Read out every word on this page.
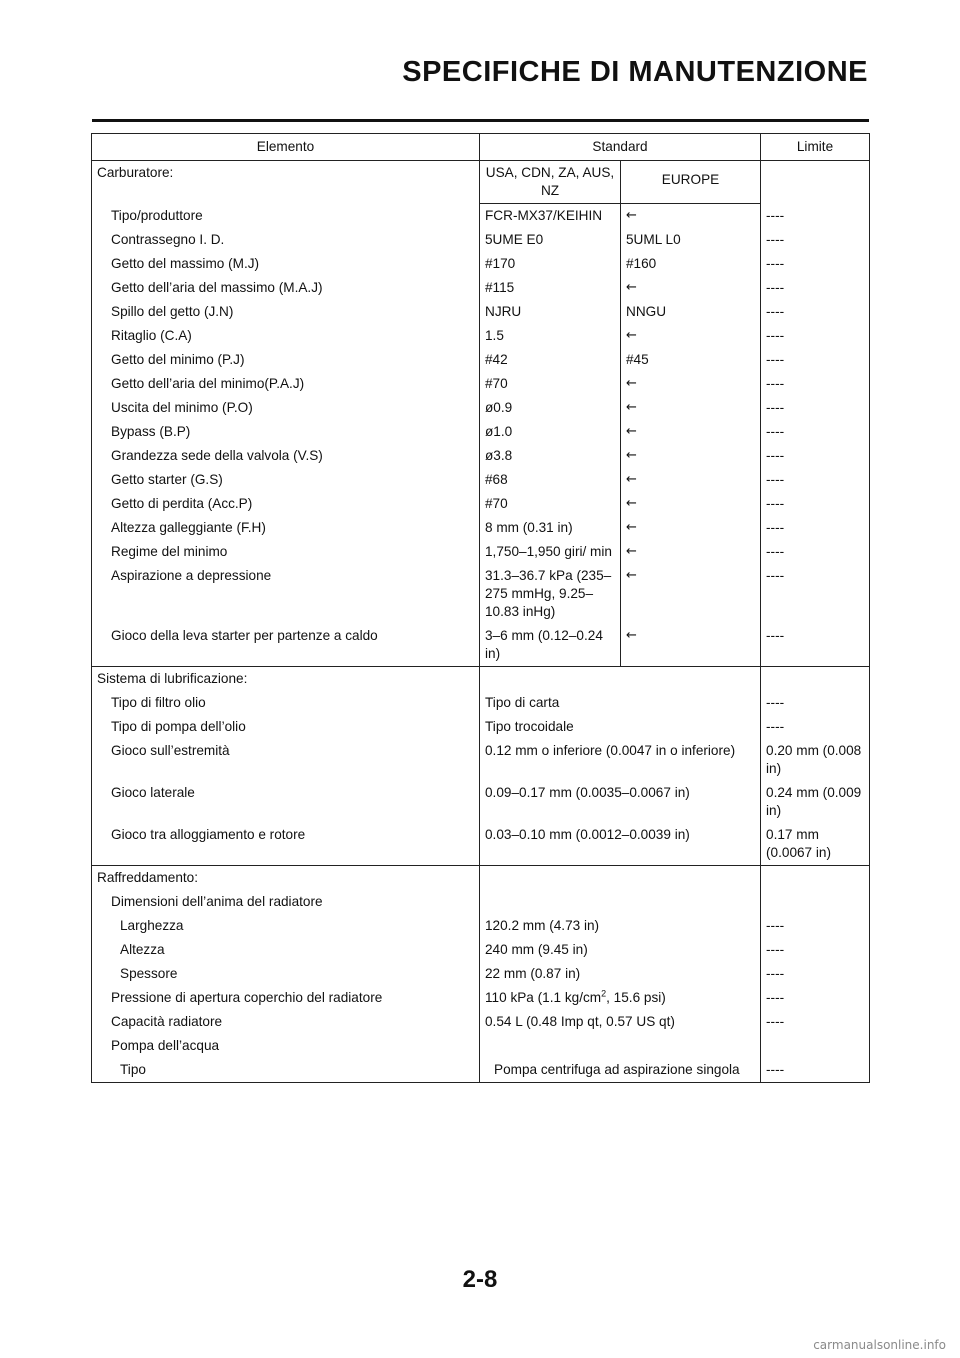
SPECIFICHE DI MANUTENZIONE
Elemento	Standard		Limite
Carburatore:	USA, CDN, ZA, AUS, NZ	EUROPE	
Tipo/produttore	FCR-MX37/KEIHIN	←	----
Contrassegno I. D.	5UME E0	5UML L0	----
Getto del massimo (M.J)	#170	#160	----
Getto dell’aria del massimo (M.A.J)	#115	←	----
Spillo del getto (J.N)	NJRU	NNGU	----
Ritaglio (C.A)	1.5	←	----
Getto del minimo (P.J)	#42	#45	----
Getto dell’aria del minimo(P.A.J)	#70	←	----
Uscita del minimo (P.O)	ø0.9	←	----
Bypass (B.P)	ø1.0	←	----
Grandezza sede della valvola (V.S)	ø3.8	←	----
Getto starter (G.S)	#68	←	----
Getto di perdita (Acc.P)	#70	←	----
Altezza galleggiante (F.H)	8 mm (0.31 in)	←	----
Regime del minimo	1,750–1,950 giri/ min	←	----
Aspirazione a depressione	31.3–36.7 kPa (235–275 mmHg, 9.25–10.83 inHg)	←	----
Gioco della leva starter per partenze a caldo	3–6 mm (0.12–0.24 in)	←	----
Sistema di lubrificazione:			
Tipo di filtro olio	Tipo di carta		----
Tipo di pompa dell’olio	Tipo trocoidale		----
Gioco sull’estremità	0.12 mm o inferiore (0.0047 in o inferiore)		0.20 mm (0.008 in)
Gioco laterale	0.09–0.17 mm (0.0035–0.0067 in)		0.24 mm (0.009 in)
Gioco tra alloggiamento e rotore	0.03–0.10 mm (0.0012–0.0039 in)		0.17 mm (0.0067 in)
Raffreddamento:			
Dimensioni dell’anima del radiatore			
Larghezza	120.2 mm (4.73 in)		----
Altezza	240 mm (9.45 in)		----
Spessore	22 mm (0.87 in)		----
Pressione di apertura coperchio del radiatore	110 kPa (1.1 $kg/cm^2$, 15.6 psi)		----
Capacità radiatore	0.54 L (0.48 Imp qt, 0.57 US qt)		----
Pompa dell’acqua			
Tipo	Pompa centrifuga ad aspirazione singola		----
2-8
carmanualsonline.info
